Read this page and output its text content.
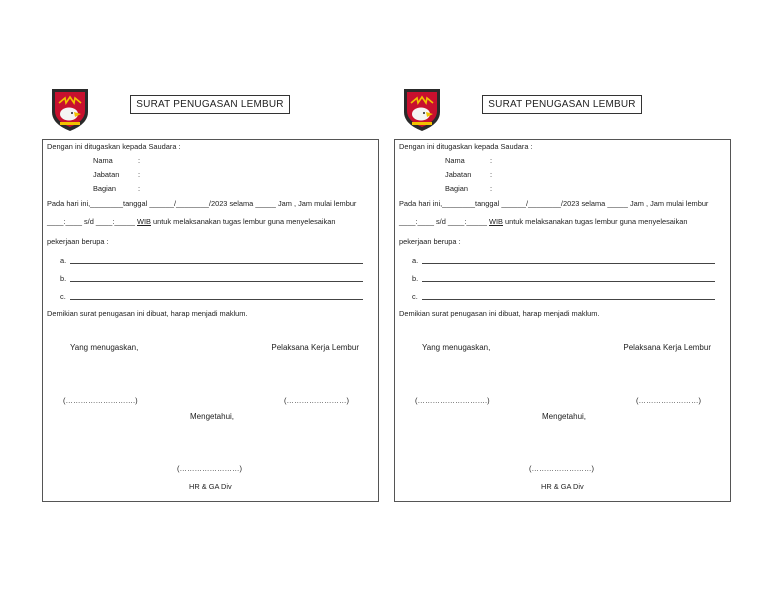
SURAT PENUGASAN LEMBUR
Dengan ini ditugaskan kepada Saudara :
Nama	:
Jabatan	:
Bagian	:
Pada hari ini,________tanggal ______/________/2023 selama _____ Jam , Jam mulai lembur
____:____ s/d ____:_____ WIB untuk melaksanakan tugas lembur guna menyelesaikan
pekerjaan berupa :
a.
b.
c.
Demikian surat penugasan ini dibuat, harap menjadi maklum.
Yang menugaskan,	Pelaksana Kerja Lembur
(……………………….)	(……………………)
Mengetahui,
(……………………)
HR & GA Div
SURAT PENUGASAN LEMBUR
Dengan ini ditugaskan kepada Saudara :
Nama	:
Jabatan	:
Bagian	:
Pada hari ini,________tanggal ______/________/2023 selama _____ Jam , Jam mulai lembur
____:____ s/d ____:_____ WIB untuk melaksanakan tugas lembur guna menyelesaikan
pekerjaan berupa :
a.
b.
c.
Demikian surat penugasan ini dibuat, harap menjadi maklum.
Yang menugaskan,	Pelaksana Kerja Lembur
(……………………….)	(……………………)
Mengetahui,
(……………………)
HR & GA Div
